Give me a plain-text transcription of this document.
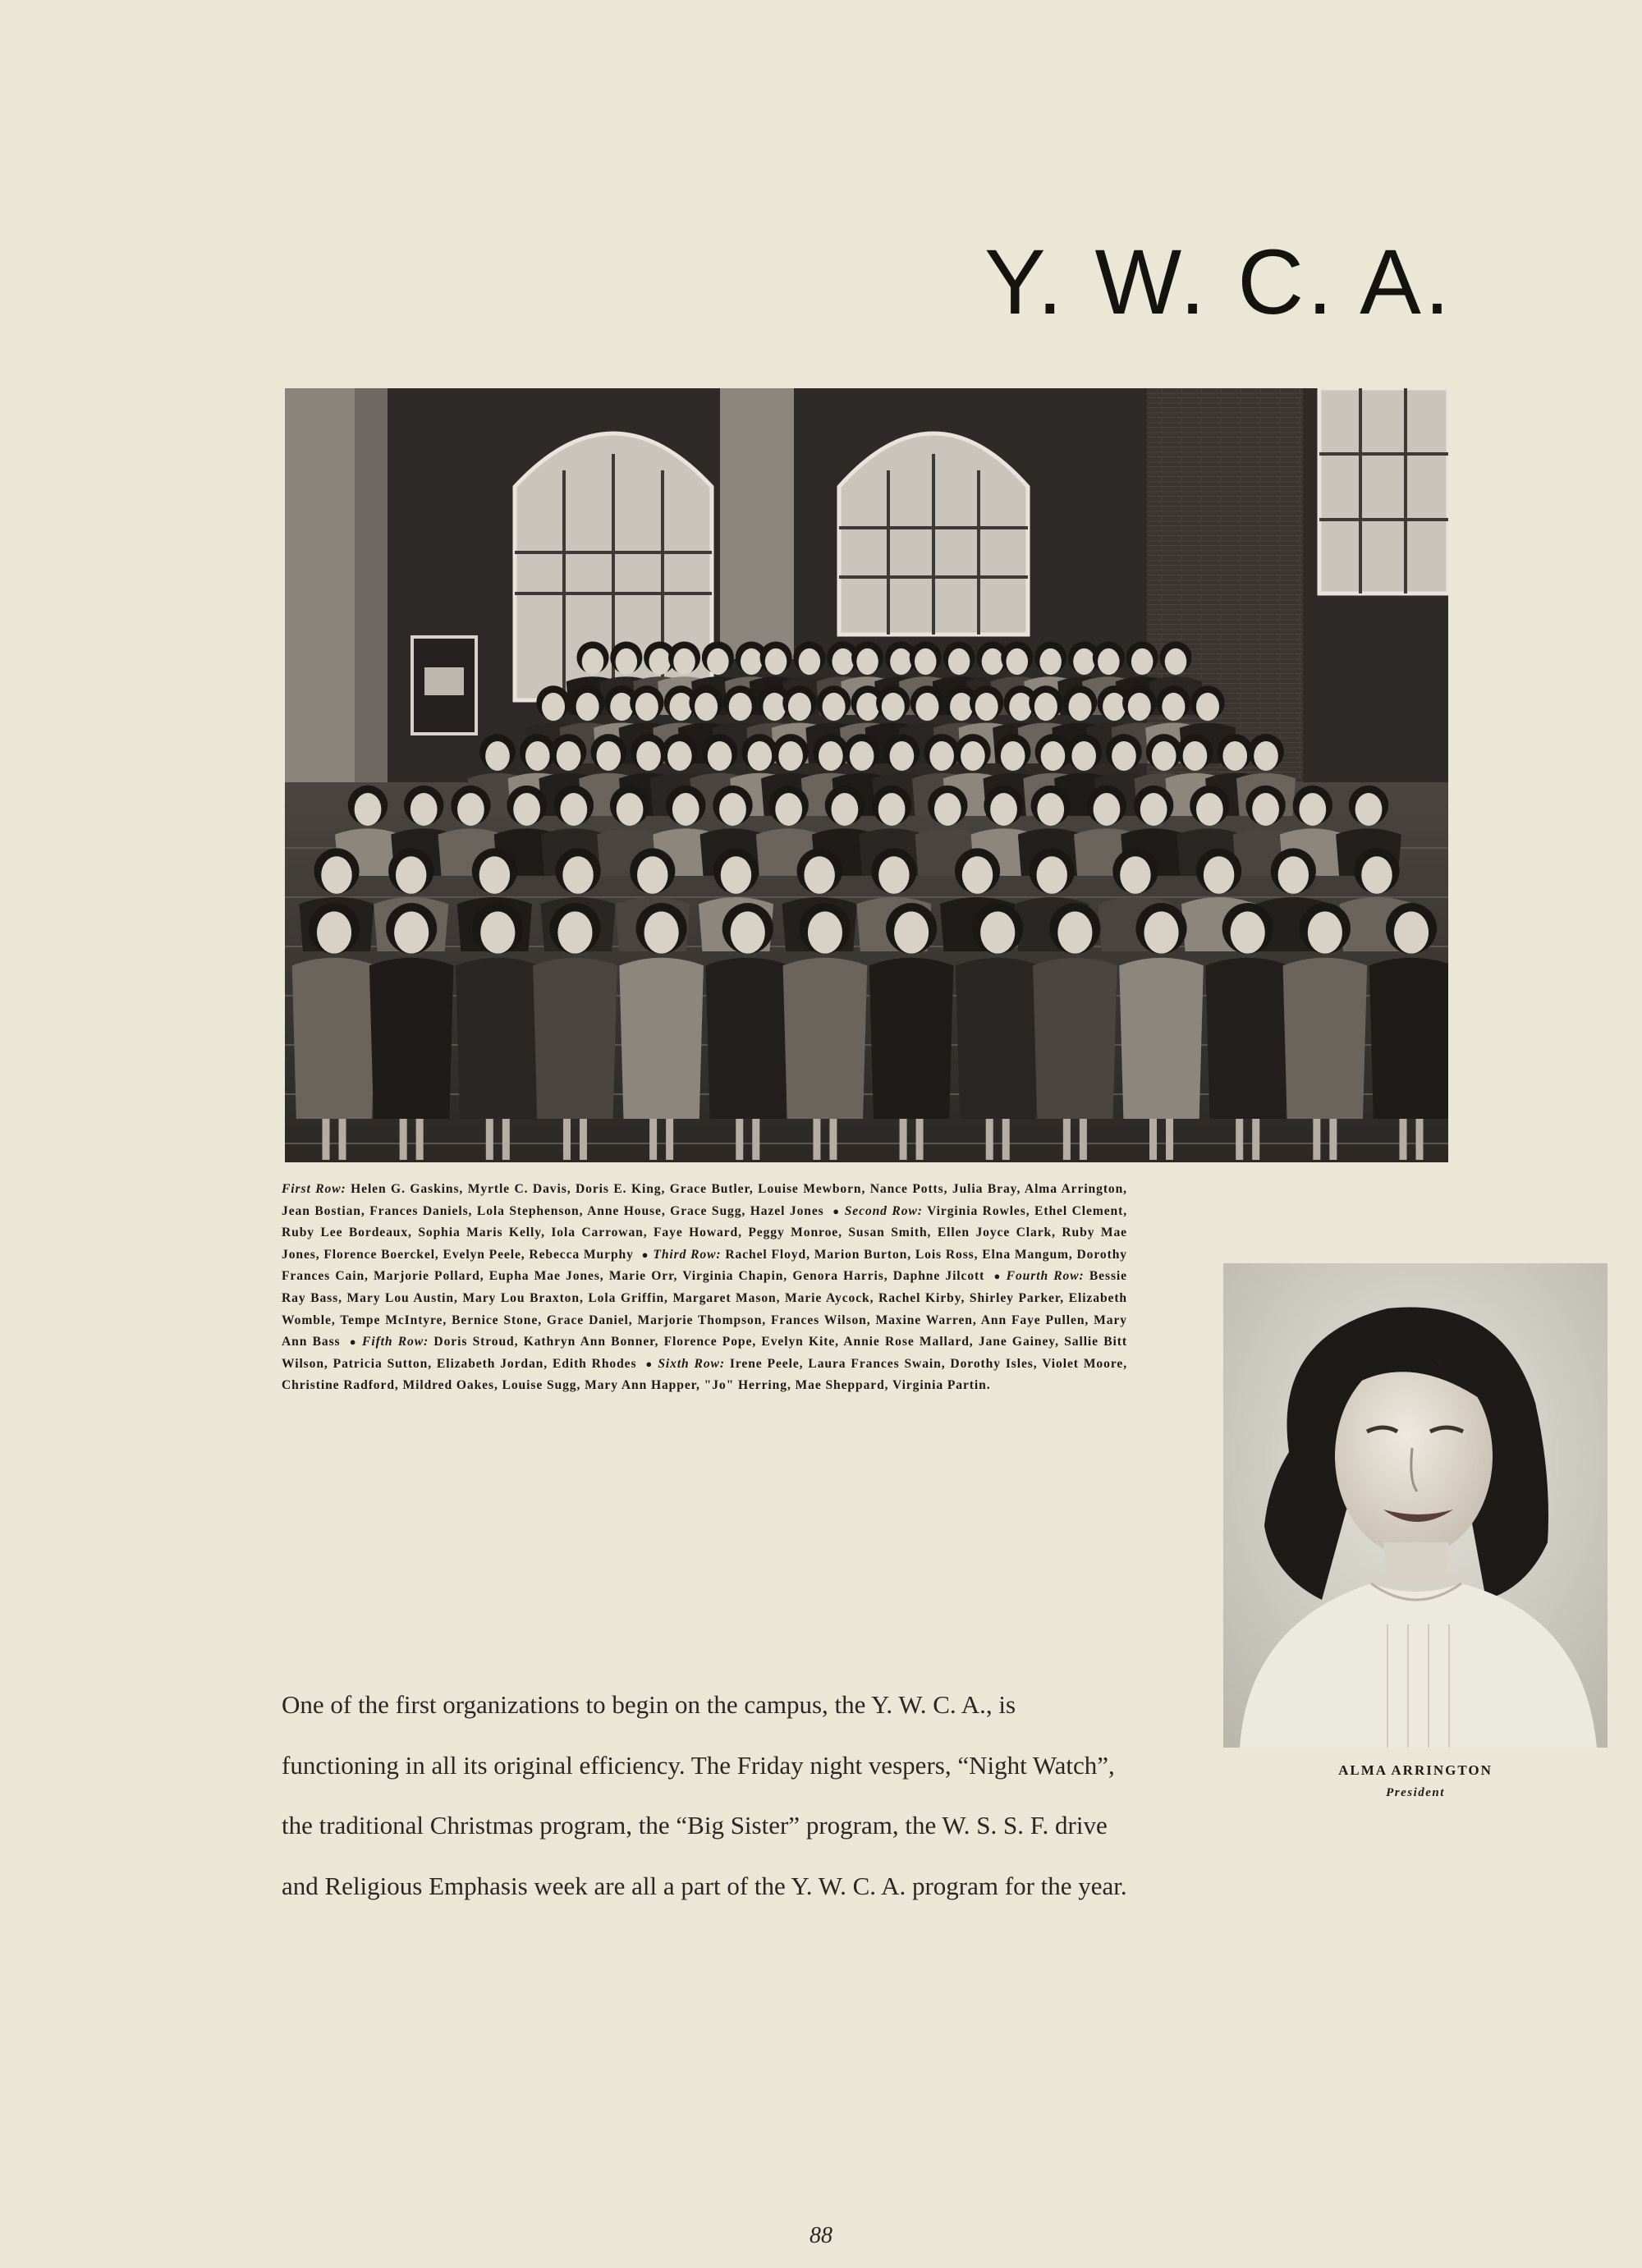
Y. W. C. A.
First Row: Helen G. Gaskins, Myrtle C. Davis, Doris E. King, Grace Butler, Louise Mewborn, Nance Potts, Julia Bray, Alma Arrington, Jean Bostian, Frances Daniels, Lola Stephenson, Anne House, Grace Sugg, Hazel Jones ● Second Row: Virginia Rowles, Ethel Clement, Ruby Lee Bordeaux, Sophia Maris Kelly, Iola Carrowan, Faye Howard, Peggy Monroe, Susan Smith, Ellen Joyce Clark, Ruby Mae Jones, Florence Boerckel, Evelyn Peele, Rebecca Murphy ● Third Row: Rachel Floyd, Marion Burton, Lois Ross, Elna Mangum, Dorothy Frances Cain, Marjorie Pollard, Eupha Mae Jones, Marie Orr, Virginia Chapin, Genora Harris, Daphne Jilcott ● Fourth Row: Bessie Ray Bass, Mary Lou Austin, Mary Lou Braxton, Lola Griffin, Margaret Mason, Marie Aycock, Rachel Kirby, Shirley Parker, Elizabeth Womble, Tempe McIntyre, Bernice Stone, Grace Daniel, Marjorie Thompson, Frances Wilson, Maxine Warren, Ann Faye Pullen, Mary Ann Bass ● Fifth Row: Doris Stroud, Kathryn Ann Bonner, Florence Pope, Evelyn Kite, Annie Rose Mallard, Jane Gainey, Sallie Bitt Wilson, Patricia Sutton, Elizabeth Jordan, Edith Rhodes ● Sixth Row: Irene Peele, Laura Frances Swain, Dorothy Isles, Violet Moore, Christine Radford, Mildred Oakes, Louise Sugg, Mary Ann Happer, "Jo" Herring, Mae Sheppard, Virginia Partin.
ALMA ARRINGTON
President

One of the first organizations to begin on the campus, the Y. W. C. A., is functioning in all its original efficiency. The Friday night vespers, “Night Watch”, the traditional Christmas program, the “Big Sister” program, the W. S. S. F. drive and Religious Emphasis week are all a part of the Y. W. C. A. program for the year.

88
